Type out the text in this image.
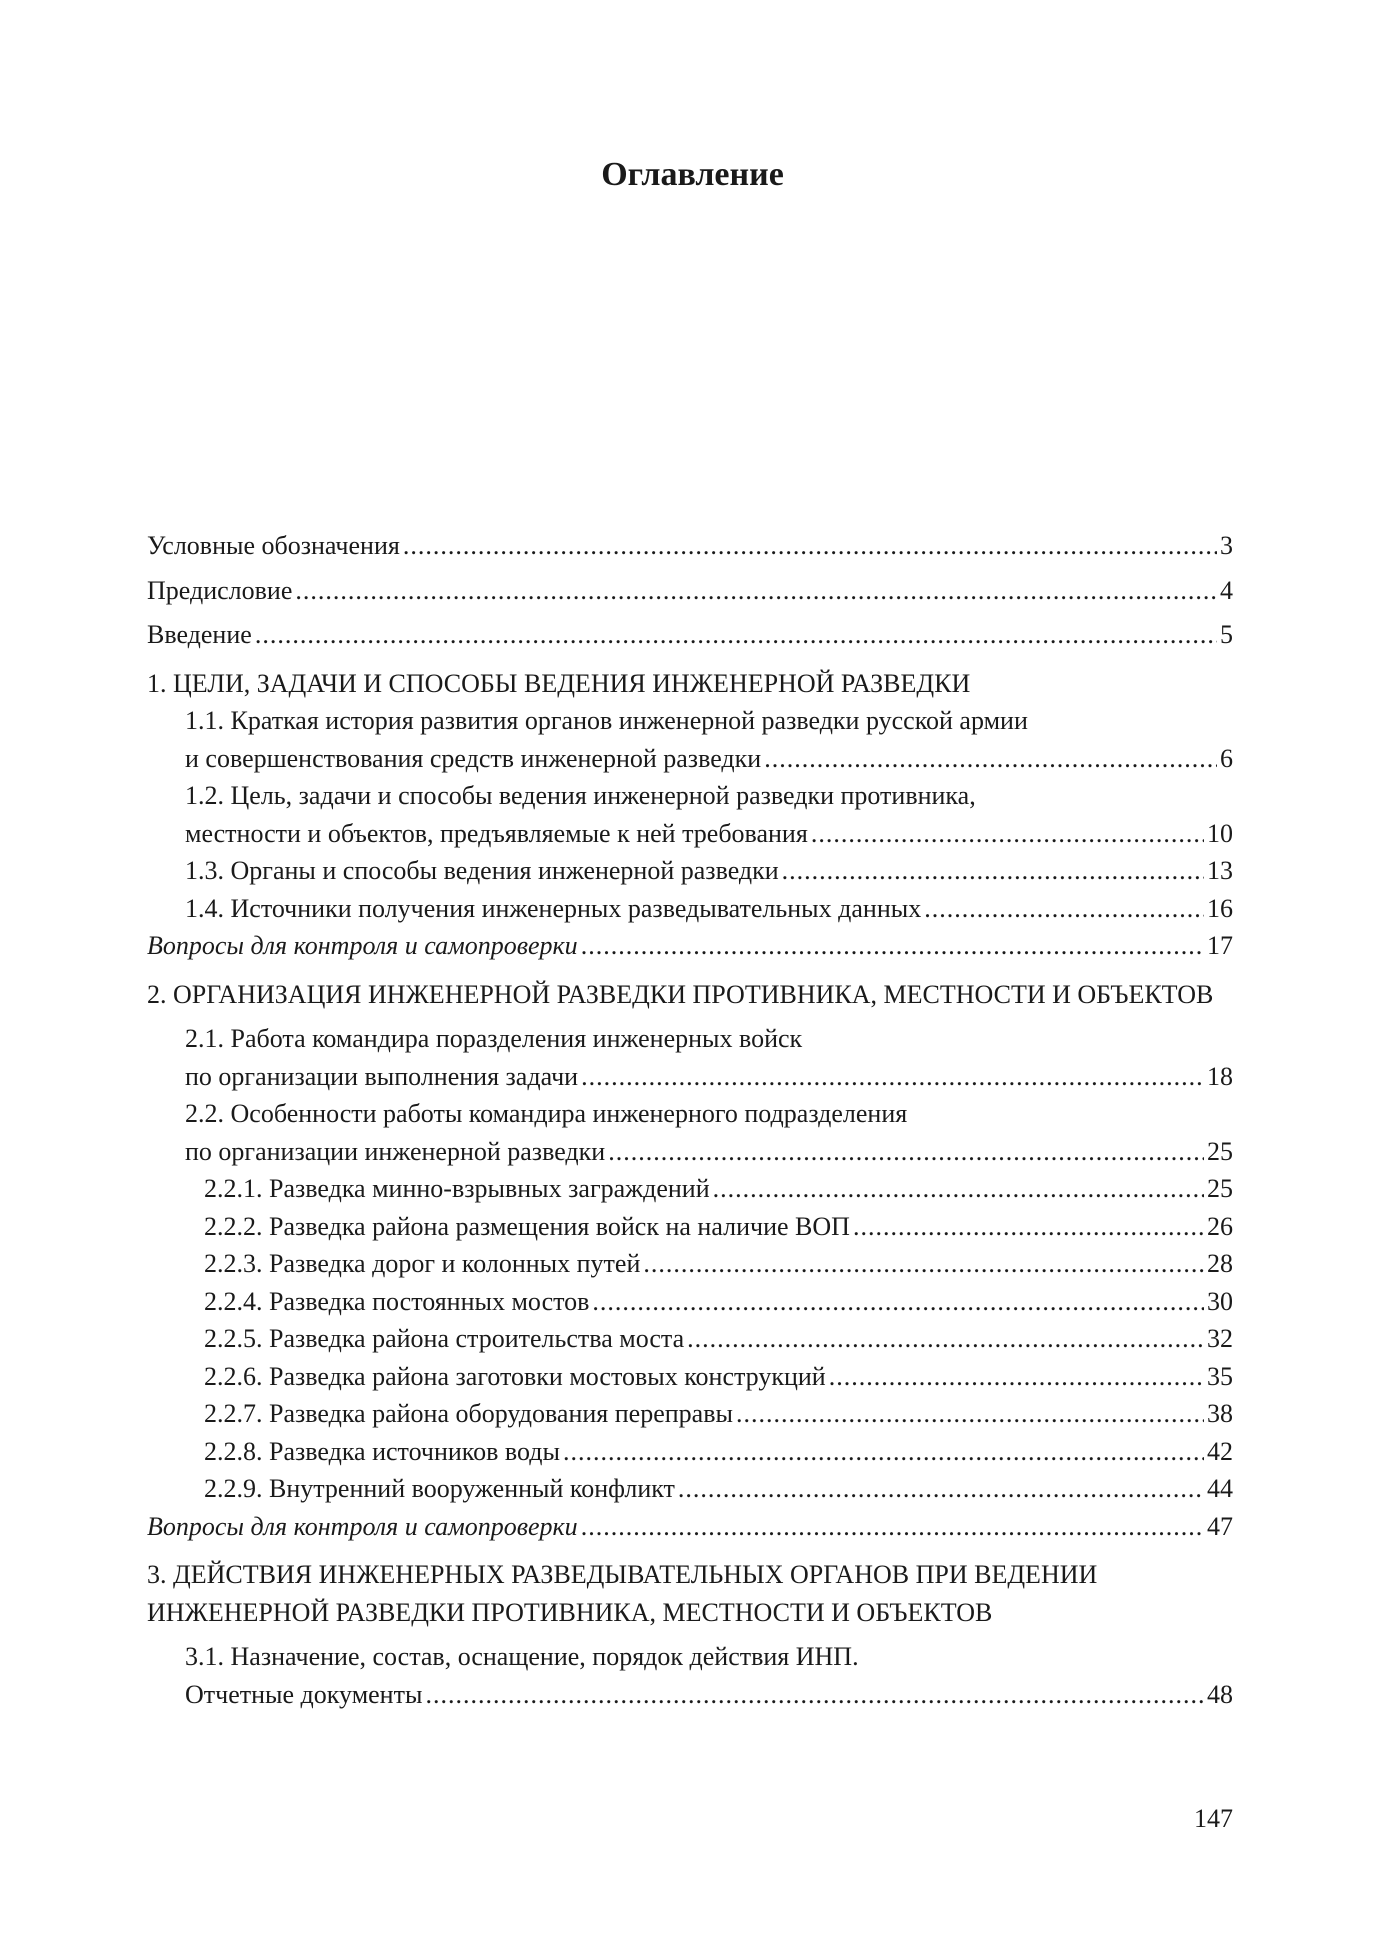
Оглавление
Условные обозначения .....	3
Предисловие .....	4
Введение .....	5
1. ЦЕЛИ, ЗАДАЧИ И СПОСОБЫ ВЕДЕНИЯ ИНЖЕНЕРНОЙ РАЗВЕДКИ
1.1. Краткая история развития органов инженерной разведки русской армии
и совершенствования средств инженерной разведки .....	6
1.2. Цель, задачи и способы ведения инженерной разведки противника,
местности и объектов, предъявляемые к ней требования .....	10
1.3. Органы и способы ведения инженерной разведки .....	13
1.4. Источники получения инженерных разведывательных данных .....	16
Вопросы для контроля и самопроверки .....	17
2. ОРГАНИЗАЦИЯ ИНЖЕНЕРНОЙ РАЗВЕДКИ ПРОТИВНИКА, МЕСТНОСТИ И ОБЪЕКТОВ
2.1. Работа командира поразделения инженерных войск
по организации выполнения задачи .....	18
2.2. Особенности работы командира инженерного подразделения
по организации инженерной разведки .....	25
2.2.1. Разведка минно-взрывных заграждений .....	25
2.2.2. Разведка района размещения войск на наличие ВОП .....	26
2.2.3. Разведка дорог и колонных путей .....	28
2.2.4. Разведка постоянных мостов .....	30
2.2.5. Разведка района строительства моста .....	32
2.2.6. Разведка района заготовки мостовых конструкций .....	35
2.2.7. Разведка района оборудования переправы .....	38
2.2.8. Разведка источников воды .....	42
2.2.9. Внутренний вооруженный конфликт .....	44
Вопросы для контроля и самопроверки .....	47
3. ДЕЙСТВИЯ ИНЖЕНЕРНЫХ РАЗВЕДЫВАТЕЛЬНЫХ ОРГАНОВ ПРИ ВЕДЕНИИ
ИНЖЕНЕРНОЙ РАЗВЕДКИ ПРОТИВНИКА, МЕСТНОСТИ И ОБЪЕКТОВ
3.1. Назначение, состав, оснащение, порядок действия ИНП.
Отчетные документы .....	48
147
